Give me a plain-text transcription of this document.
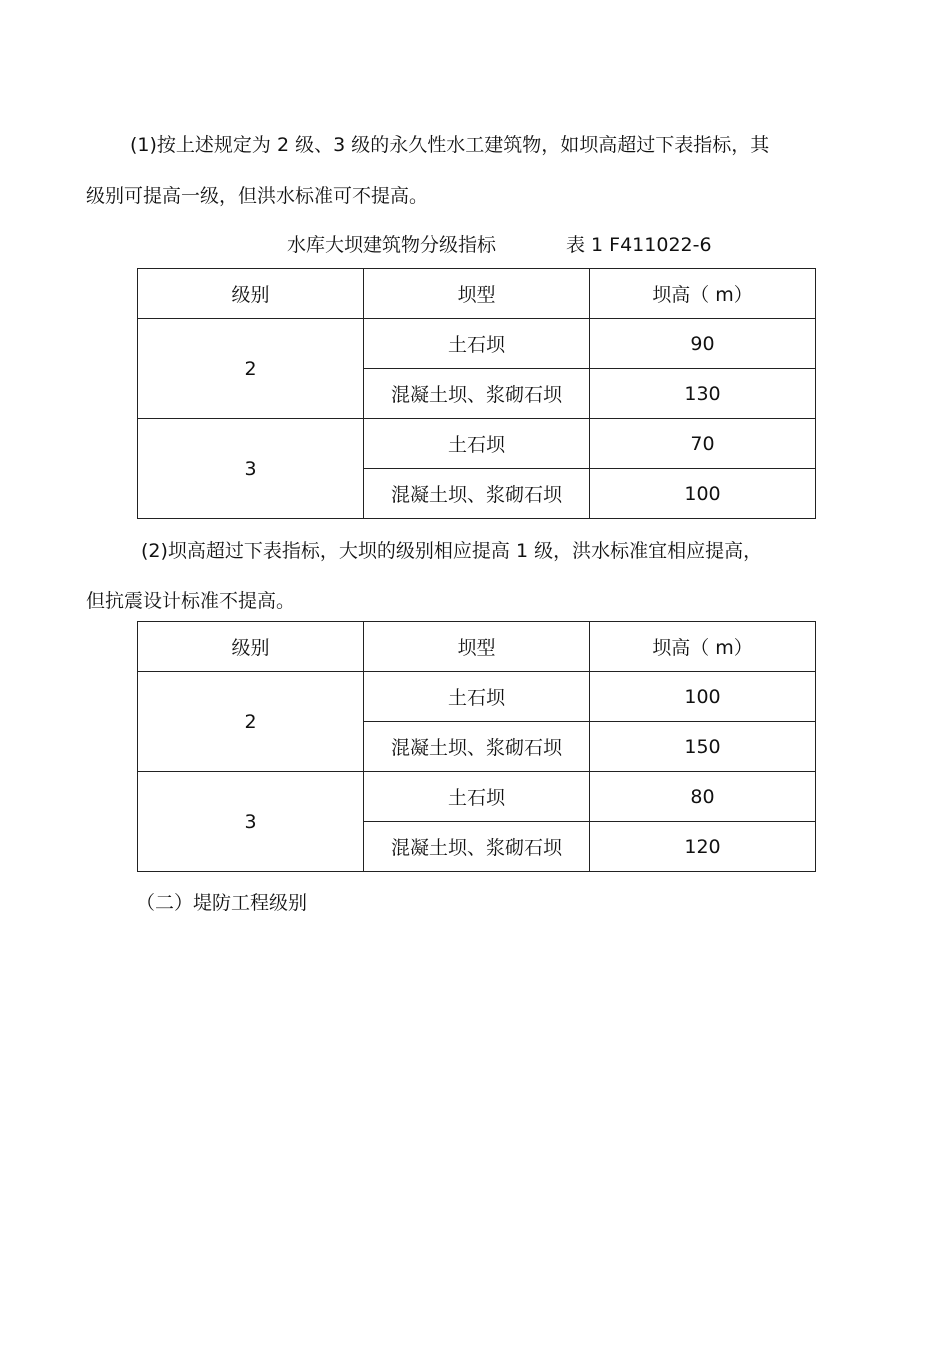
(1)按上述规定为 2 级、3 级的永久性水工建筑物，如坝高超过下表指标，其

级别可提高一级，但洪水标准可不提高。

水库大坝建筑物分级指标	表 1 F411022-6
级别	坝型	坝高（ m）
2	土石坝	90
	混凝土坝、浆砌石坝	130
3	土石坝	70
	混凝土坝、浆砌石坝	100

(2)坝高超过下表指标，大坝的级别相应提高 1 级，洪水标准宜相应提高，

但抗震设计标准不提高。

级别	坝型	坝高（ m）
2	土石坝	100
	混凝土坝、浆砌石坝	150
3	土石坝	80
	混凝土坝、浆砌石坝	120

（二）堤防工程级别
